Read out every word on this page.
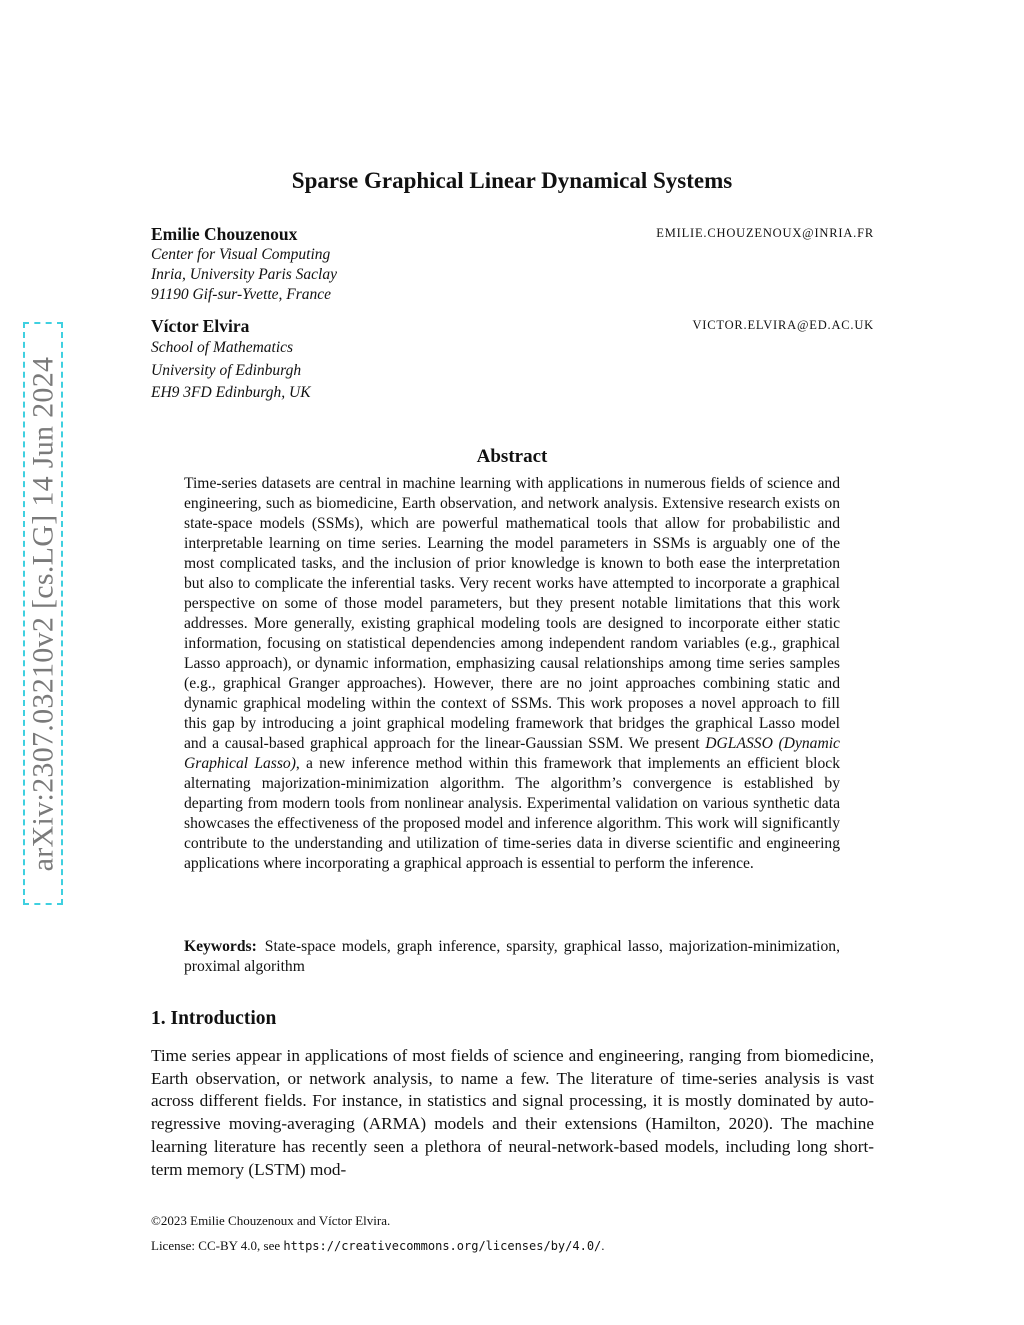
arXiv:2307.03210v2 [cs.LG] 14 Jun 2024
Sparse Graphical Linear Dynamical Systems
Emilie Chouzenoux	EMILIE.CHOUZENOUX@INRIA.FR
Center for Visual Computing
Inria, University Paris Saclay
91190 Gif-sur-Yvette, France
Víctor Elvira	VICTOR.ELVIRA@ED.AC.UK
School of Mathematics
University of Edinburgh
EH9 3FD Edinburgh, UK
Abstract
Time-series datasets are central in machine learning with applications in numerous fields of science and engineering, such as biomedicine, Earth observation, and network analysis. Extensive research exists on state-space models (SSMs), which are powerful mathematical tools that allow for probabilistic and interpretable learning on time series. Learning the model parameters in SSMs is arguably one of the most complicated tasks, and the inclusion of prior knowledge is known to both ease the interpretation but also to complicate the inferential tasks. Very recent works have attempted to incorporate a graphical perspective on some of those model parameters, but they present notable limitations that this work addresses. More generally, existing graphical modeling tools are designed to incorporate either static information, focusing on statistical dependencies among independent random variables (e.g., graphical Lasso approach), or dynamic information, emphasizing causal relationships among time series samples (e.g., graphical Granger approaches). However, there are no joint approaches combining static and dynamic graphical modeling within the context of SSMs. This work proposes a novel approach to fill this gap by introducing a joint graphical modeling framework that bridges the graphical Lasso model and a causal-based graphical approach for the linear-Gaussian SSM. We present DGLASSO (Dynamic Graphical Lasso), a new inference method within this framework that implements an efficient block alternating majorization-minimization algorithm. The algorithm’s convergence is established by departing from modern tools from nonlinear analysis. Experimental validation on various synthetic data showcases the effectiveness of the proposed model and inference algorithm. This work will significantly contribute to the understanding and utilization of time-series data in diverse scientific and engineering applications where incorporating a graphical approach is essential to perform the inference.
Keywords: State-space models, graph inference, sparsity, graphical lasso, majorization-minimization, proximal algorithm
1. Introduction
Time series appear in applications of most fields of science and engineering, ranging from biomedicine, Earth observation, or network analysis, to name a few. The literature of time-series analysis is vast across different fields. For instance, in statistics and signal processing, it is mostly dominated by auto-regressive moving-averaging (ARMA) models and their extensions (Hamilton, 2020). The machine learning literature has recently seen a plethora of neural-network-based models, including long short-term memory (LSTM) mod-
©2023 Emilie Chouzenoux and Víctor Elvira.
License: CC-BY 4.0, see https://creativecommons.org/licenses/by/4.0/.
